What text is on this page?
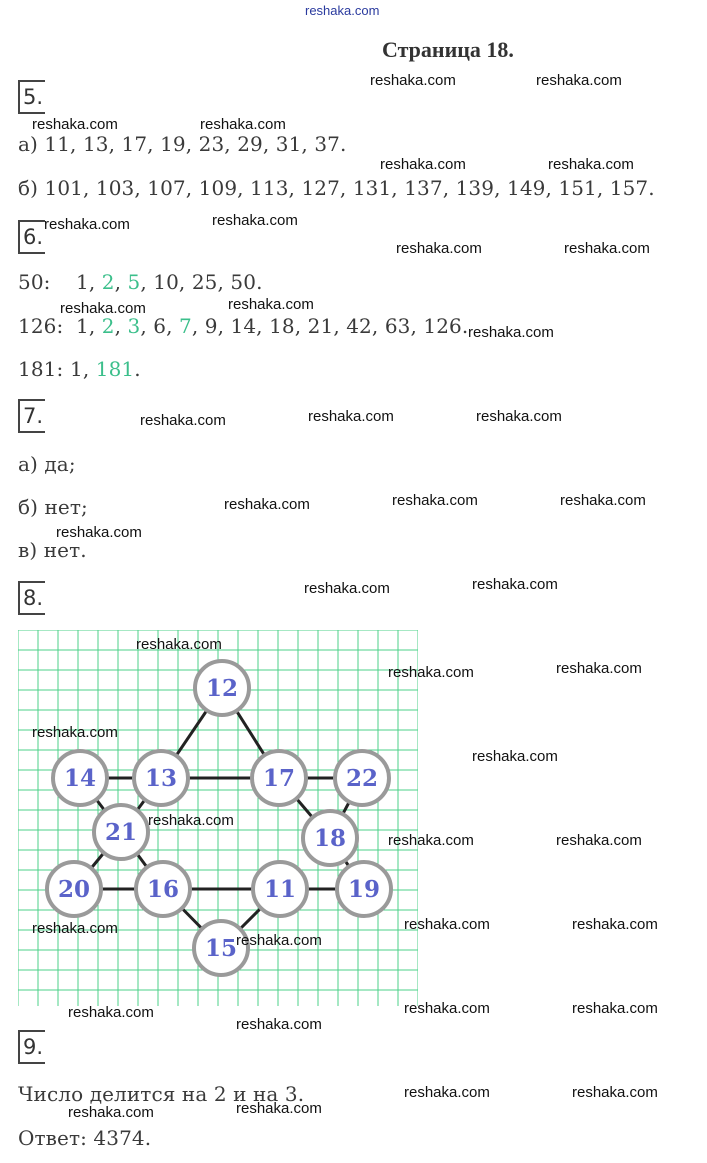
reshaka.com
Страница 18.
5.
а) 11, 13, 17, 19, 23, 29, 31, 37.
б) 101, 103, 107, 109, 113, 127, 131, 137, 139, 149, 151, 157.
6.
50: 1, 2, 5, 10, 25, 50.
126: 1, 2, 3, 6, 7, 9, 14, 18, 21, 42, 63, 126.
181: 1, 181.
7.
а) да;
б) нет;
в) нет.
8.
12
14 13	17 22
21	18
20 16	11 19
15
9.
Число делится на 2 и на 3.
Ответ: 4374.
reshaka.com	reshaka.com
reshaka.com	reshaka.com
reshaka.com	reshaka.com
reshaka.com	reshaka.com
reshaka.com	reshaka.com
reshaka.com	reshaka.com
reshaka.com
reshaka.com	reshaka.com	reshaka.com
reshaka.com	reshaka.com	reshaka.com
reshaka.com
reshaka.com	reshaka.com
reshaka.com
reshaka.com	reshaka.com
reshaka.com
reshaka.com
reshaka.com
reshaka.com	reshaka.com
reshaka.com
reshaka.com
reshaka.com	reshaka.com
reshaka.com
reshaka.com
reshaka.com	reshaka.com
reshaka.com	reshaka.com
reshaka.com	reshaka.com
